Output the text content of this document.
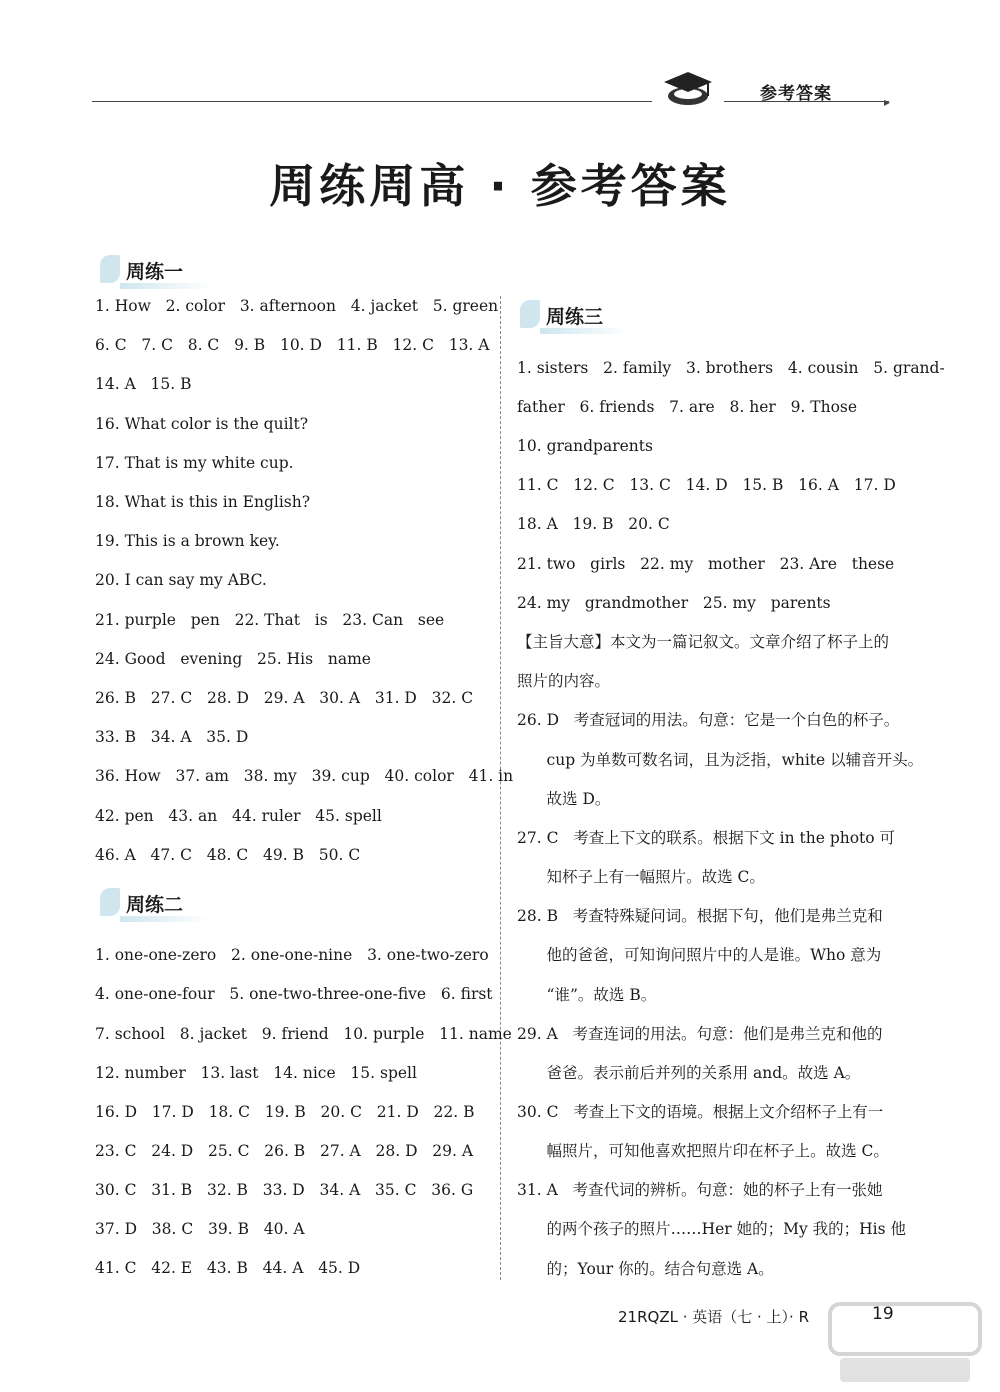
参考答案	▸
周练周高 · 参考答案
周练一
周练二
周练三
1. How   2. color   3. afternoon   4. jacket   5. green
6. C   7. C   8. C   9. B   10. D   11. B   12. C   13. A
14. A   15. B
16. What color is the quilt?
17. That is my white cup.
18. What is this in English?
19. This is a brown key.
20. I can say my ABC.
21. purple   pen   22. That   is   23. Can   see
24. Good   evening   25. His   name
26. B   27. C   28. D   29. A   30. A   31. D   32. C
33. B   34. A   35. D
36. How   37. am   38. my   39. cup   40. color   41. in
42. pen   43. an   44. ruler   45. spell
46. A   47. C   48. C   49. B   50. C
1. one-one-zero   2. one-one-nine   3. one-two-zero
4. one-one-four   5. one-two-three-one-five   6. first
7. school   8. jacket   9. friend   10. purple   11. name
12. number   13. last   14. nice   15. spell
16. D   17. D   18. C   19. B   20. C   21. D   22. B
23. C   24. D   25. C   26. B   27. A   28. D   29. A
30. C   31. B   32. B   33. D   34. A   35. C   36. G
37. D   38. C   39. B   40. A
41. C   42. E   43. B   44. A   45. D
1. sisters   2. family   3. brothers   4. cousin   5. grand-
father   6. friends   7. are   8. her   9. Those
10. grandparents
11. C   12. C   13. C   14. D   15. B   16. A   17. D
18. A   19. B   20. C
21. two   girls   22. my   mother   23. Are   these
24. my   grandmother   25. my   parents
【主旨大意】本文为一篇记叙文。文章介绍了杯子上的
照片的内容。
26. D   考查冠词的用法。句意：它是一个白色的杯子。
cup 为单数可数名词，且为泛指，white 以辅音开头。
故选 D。
27. C   考查上下文的联系。根据下文 in the photo 可
知杯子上有一幅照片。故选 C。
28. B   考查特殊疑问词。根据下句，他们是弗兰克和
他的爸爸，可知询问照片中的人是谁。Who 意为
“谁”。故选 B。
29. A   考查连词的用法。句意：他们是弗兰克和他的
爸爸。表示前后并列的关系用 and。故选 A。
30. C   考查上下文的语境。根据上文介绍杯子上有一
幅照片，可知他喜欢把照片印在杯子上。故选 C。
31. A   考查代词的辨析。句意：她的杯子上有一张她
的两个孩子的照片……Her 她的；My 我的；His 他
的；Your 你的。结合句意选 A。
21RQZL · 英语（七 · 上）· R	19
